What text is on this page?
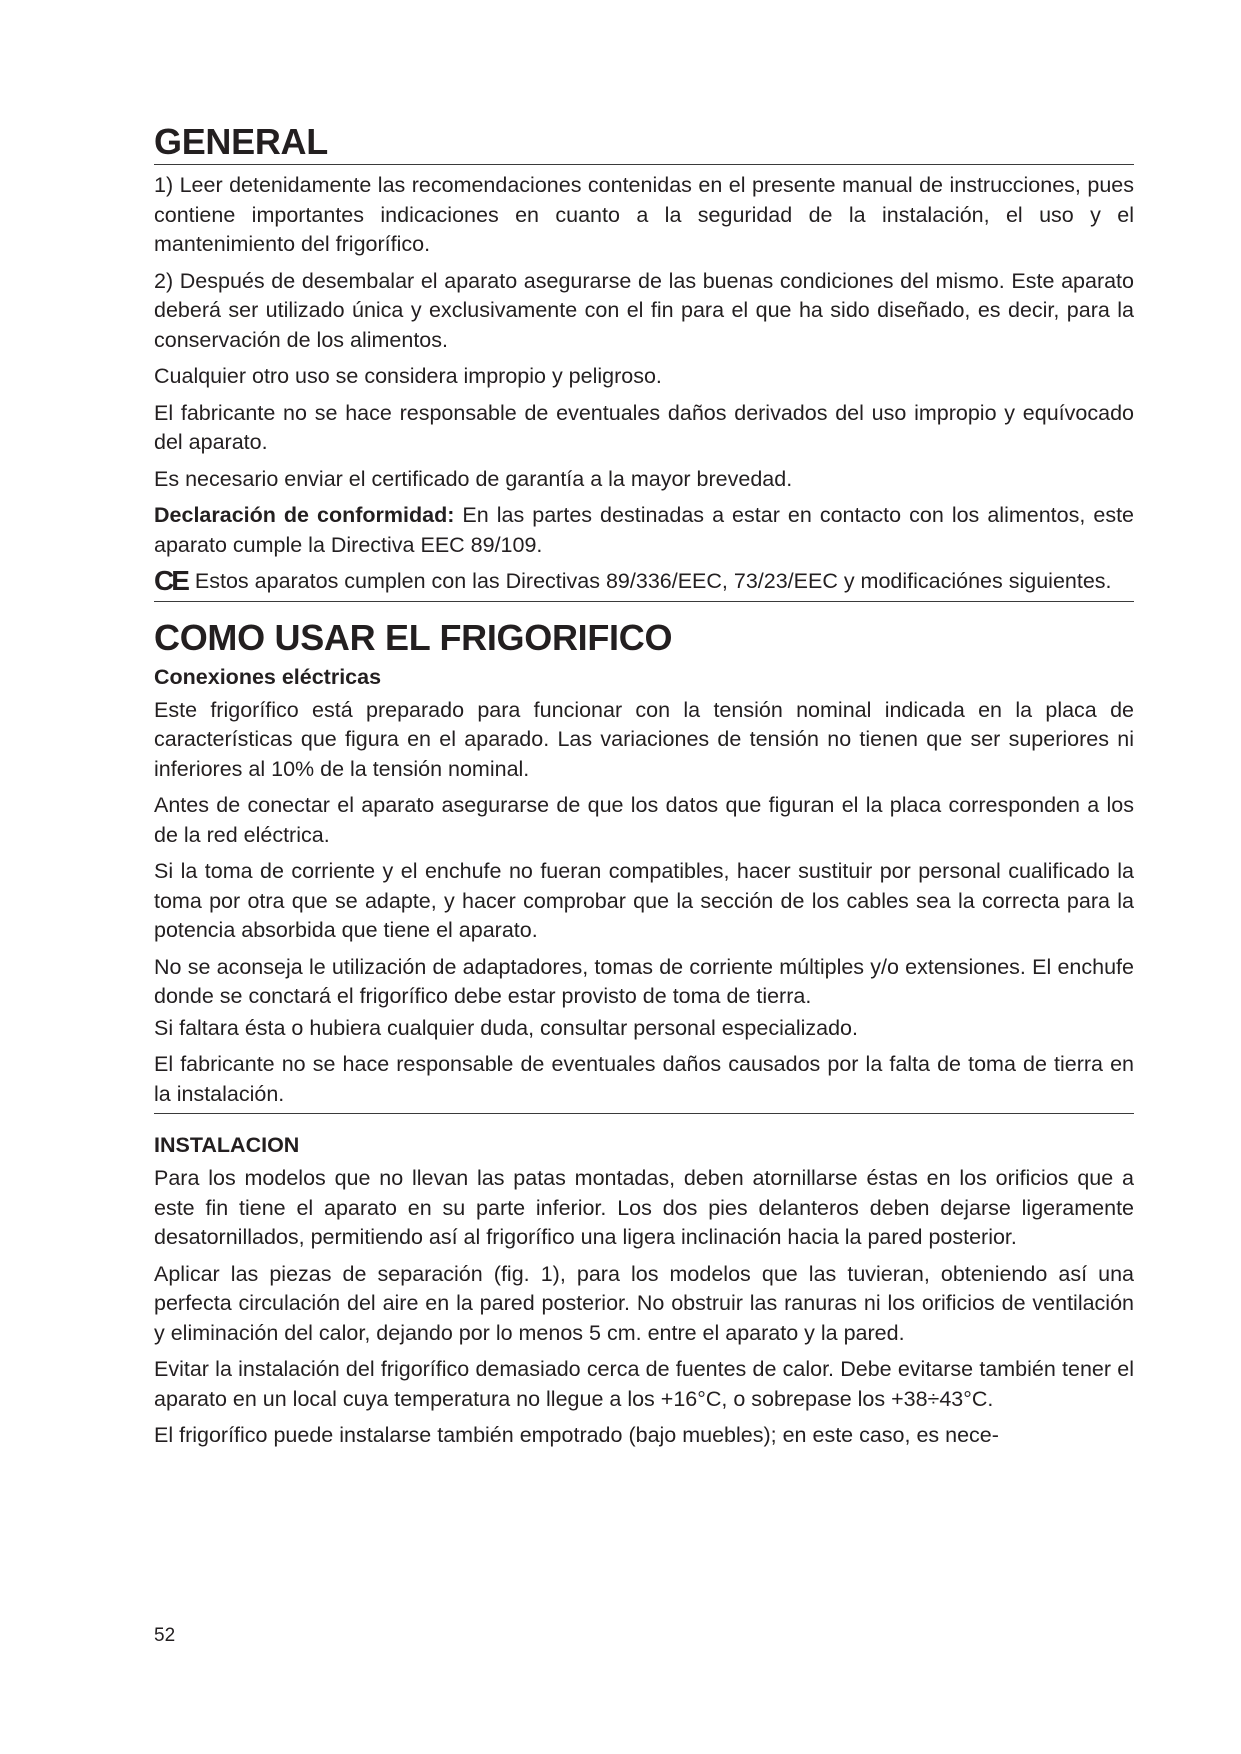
GENERAL

1) Leer detenidamente las recomendaciones contenidas en el presente manual de instrucciones, pues contiene importantes indicaciones en cuanto a la seguridad de la instalación, el uso y el mantenimiento del frigorífico.

2) Después de desembalar el aparato asegurarse de las buenas condiciones del mismo. Este aparato deberá ser utilizado única y exclusivamente con el fin para el que ha sido diseñado, es decir, para la conservación de los alimentos.

Cualquier otro uso se considera impropio y peligroso.

El fabricante no se hace responsable de eventuales daños derivados del uso impropio y equívocado del aparato.

Es necesario enviar el certificado de garantía a la mayor brevedad.

Declaración de conformidad: En las partes destinadas a estar en contacto con los alimentos, este aparato cumple la Directiva EEC 89/109.

CE Estos aparatos cumplen con las Directivas 89/336/EEC, 73/23/EEC y modificaciónes siguientes.

COMO USAR EL FRIGORIFICO
Conexiones eléctricas

Este frigorífico está preparado para funcionar con la tensión nominal indicada en la placa de características que figura en el aparado. Las variaciones de tensión no tienen que ser superiores ni inferiores al 10% de la tensión nominal.

Antes de conectar el aparato asegurarse de que los datos que figuran el la placa corresponden a los de la red eléctrica.

Si la toma de corriente y el enchufe no fueran compatibles, hacer sustituir por personal cualificado la toma por otra que se adapte, y hacer comprobar que la sección de los cables sea la correcta para la potencia absorbida que tiene el aparato.

No se aconseja le utilización de adaptadores, tomas de corriente múltiples y/o extensiones. El enchufe donde se conctará el frigorífico debe estar provisto de toma de tierra.

Si faltara ésta o hubiera cualquier duda, consultar personal especializado.

El fabricante no se hace responsable de eventuales daños causados por la falta de toma de tierra en la instalación.

INSTALACION

Para los modelos que no llevan las patas montadas, deben atornillarse éstas en los orificios que a este fin tiene el aparato en su parte inferior. Los dos pies delanteros deben dejarse ligeramente desatornillados, permitiendo así al frigorífico una ligera inclinación hacia la pared posterior.

Aplicar las piezas de separación (fig. 1), para los modelos que las tuvieran, obteniendo así una perfecta circulación del aire en la pared posterior. No obstruir las ranuras ni los orificios de ventilación y eliminación del calor, dejando por lo menos 5 cm. entre el aparato y la pared.

Evitar la instalación del frigorífico demasiado cerca de fuentes de calor. Debe evitarse también tener el aparato en un local cuya temperatura no llegue a los +16°C, o sobrepase los +38÷43°C.

El frigorífico puede instalarse también empotrado (bajo muebles); en este caso, es nece-

52
